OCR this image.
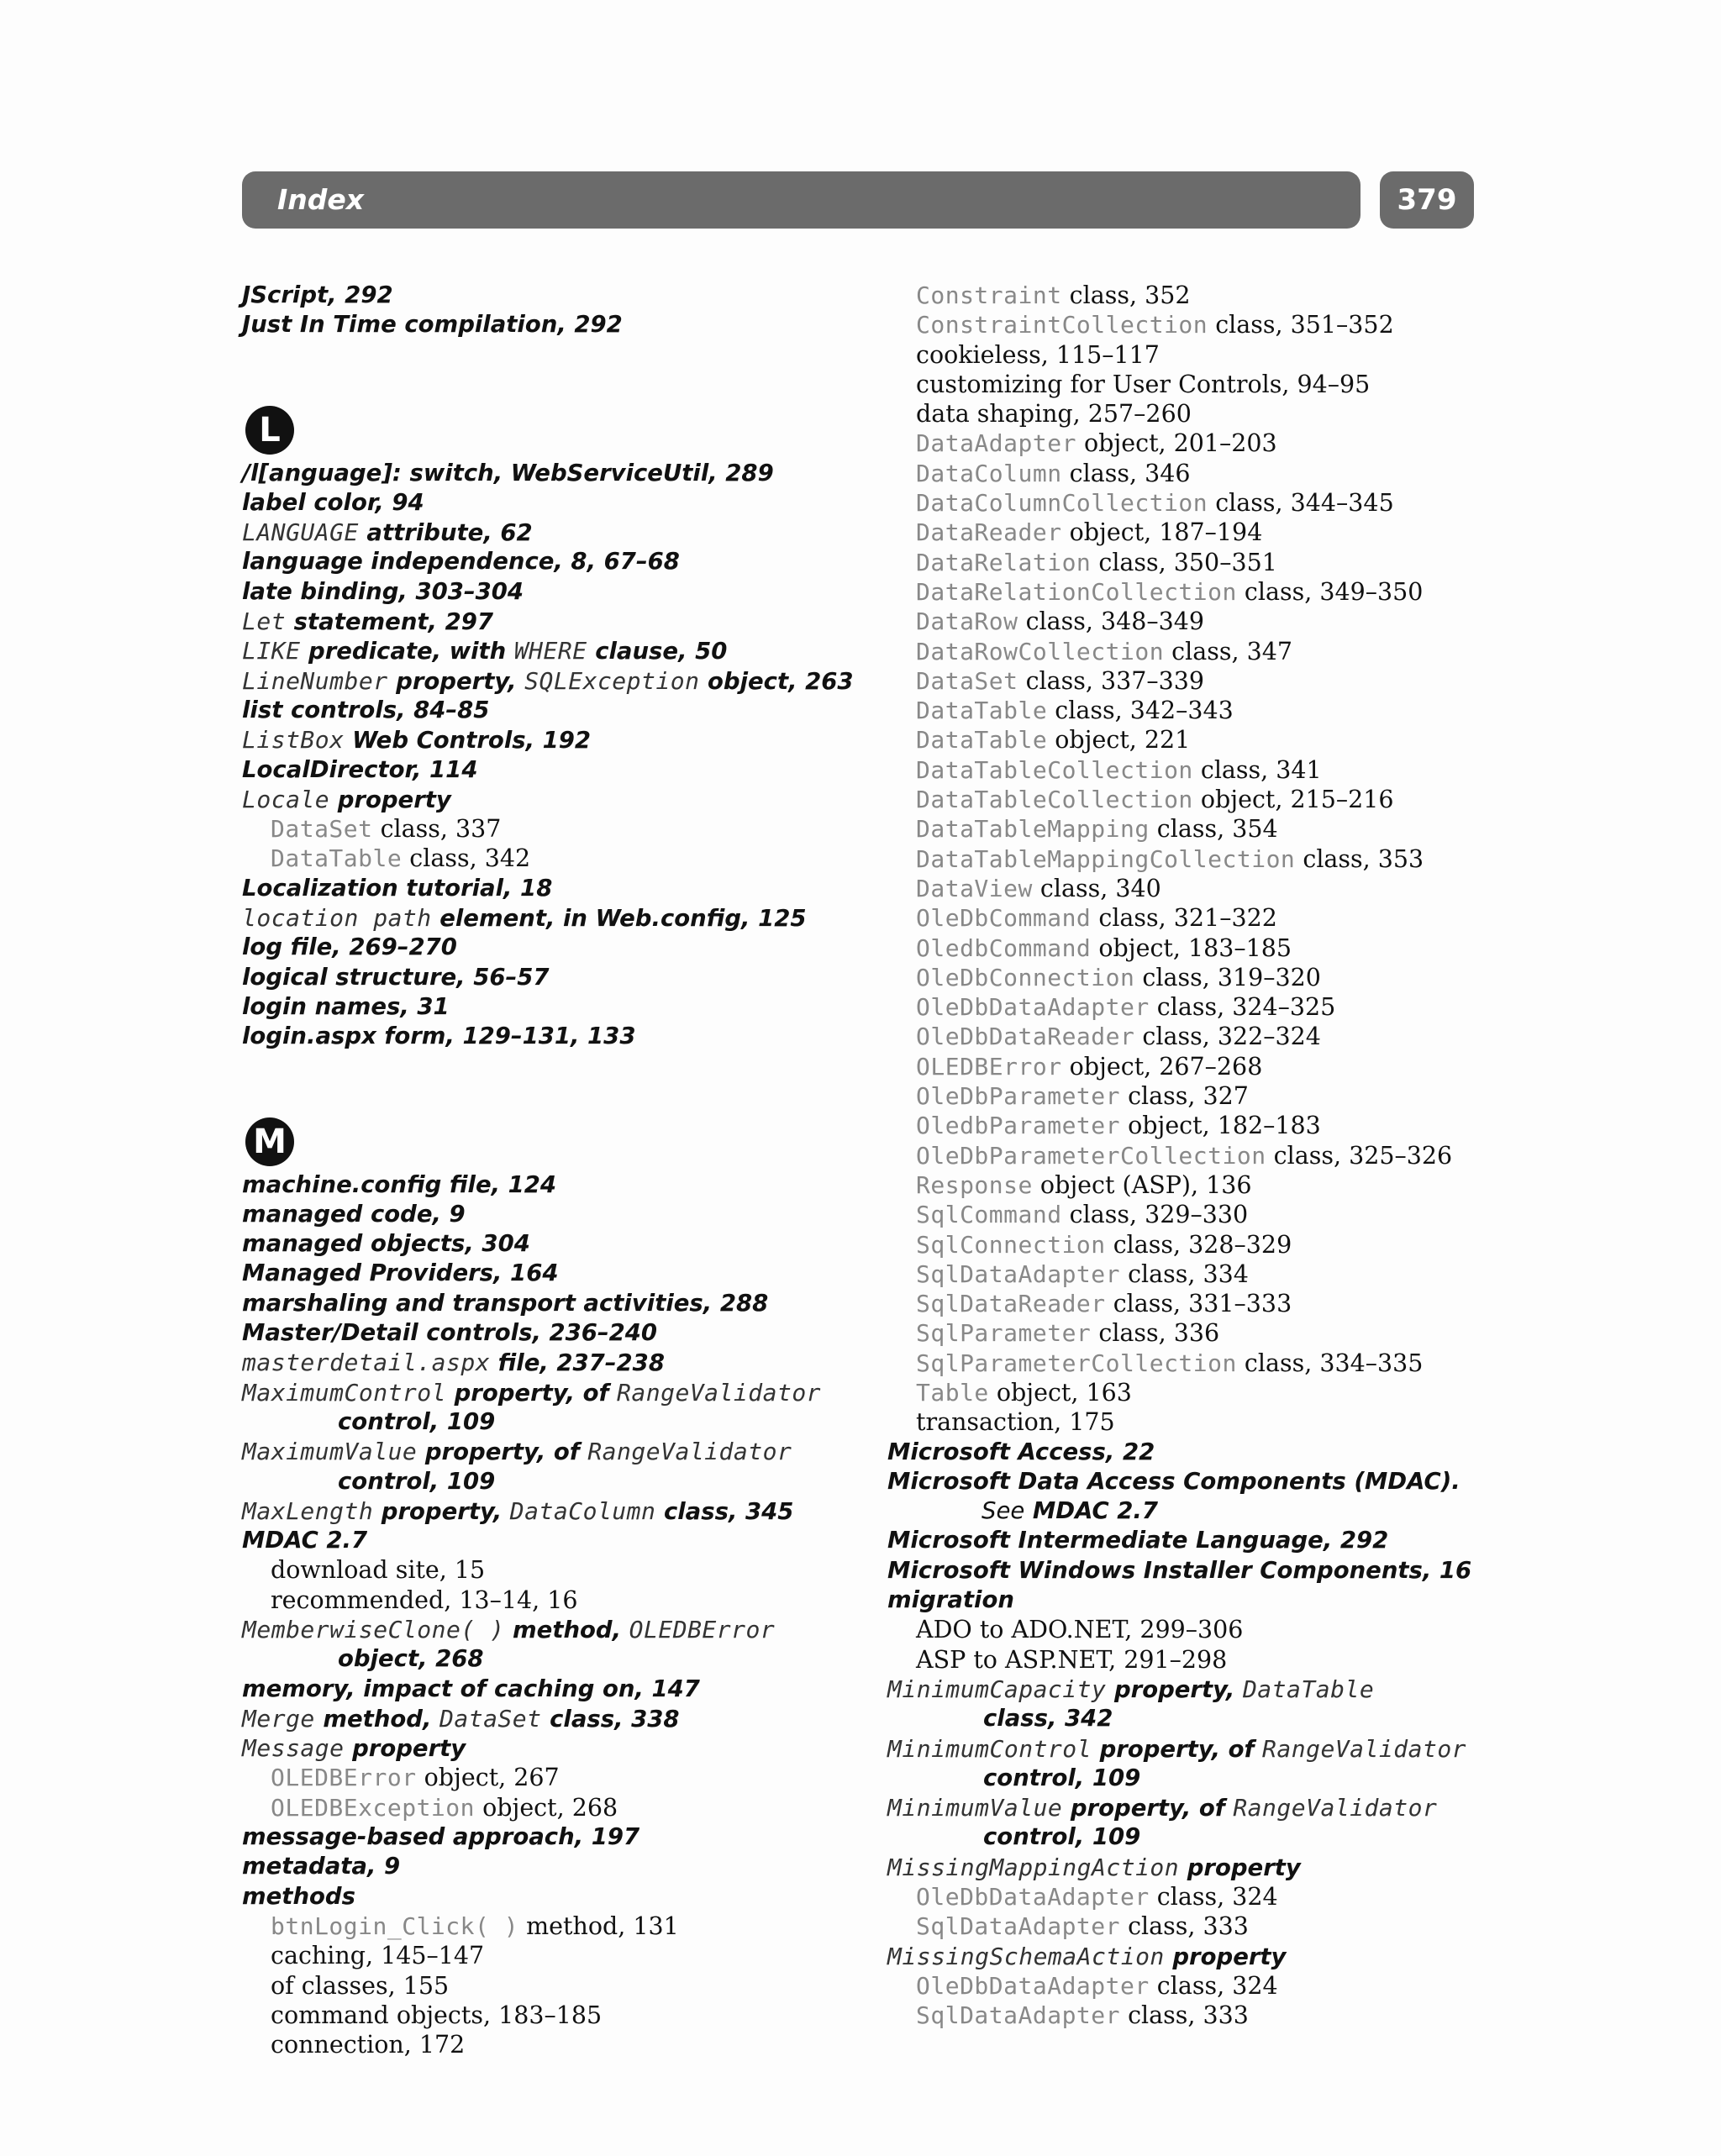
Index	379
JScript, 292
Just In Time compilation, 292
L
/l[anguage]: switch, WebServiceUtil, 289
label color, 94
LANGUAGE attribute, 62
language independence, 8, 67–68
late binding, 303–304
Let statement, 297
LIKE predicate, with WHERE clause, 50
LineNumber property, SQLException object, 263
list controls, 84–85
ListBox Web Controls, 192
LocalDirector, 114
Locale property
DataSet class, 337
DataTable class, 342
Localization tutorial, 18
location path element, in Web.config, 125
log file, 269–270
logical structure, 56–57
login names, 31
login.aspx form, 129–131, 133
M
machine.config file, 124
managed code, 9
managed objects, 304
Managed Providers, 164
marshaling and transport activities, 288
Master/Detail controls, 236–240
masterdetail.aspx file, 237–238
MaximumControl property, of RangeValidator
control, 109
MaximumValue property, of RangeValidator
control, 109
MaxLength property, DataColumn class, 345
MDAC 2.7
download site, 15
recommended, 13–14, 16
MemberwiseClone( ) method, OLEDBError
object, 268
memory, impact of caching on, 147
Merge method, DataSet class, 338
Message property
OLEDBError object, 267
OLEDBException object, 268
message-based approach, 197
metadata, 9
methods
btnLogin_Click( ) method, 131
caching, 145–147
of classes, 155
command objects, 183–185
connection, 172
Constraint class, 352
ConstraintCollection class, 351–352
cookieless, 115–117
customizing for User Controls, 94–95
data shaping, 257–260
DataAdapter object, 201–203
DataColumn class, 346
DataColumnCollection class, 344–345
DataReader object, 187–194
DataRelation class, 350–351
DataRelationCollection class, 349–350
DataRow class, 348–349
DataRowCollection class, 347
DataSet class, 337–339
DataTable class, 342–343
DataTable object, 221
DataTableCollection class, 341
DataTableCollection object, 215–216
DataTableMapping class, 354
DataTableMappingCollection class, 353
DataView class, 340
OleDbCommand class, 321–322
OledbCommand object, 183–185
OleDbConnection class, 319–320
OleDbDataAdapter class, 324–325
OleDbDataReader class, 322–324
OLEDBError object, 267–268
OleDbParameter class, 327
OledbParameter object, 182–183
OleDbParameterCollection class, 325–326
Response object (ASP), 136
SqlCommand class, 329–330
SqlConnection class, 328–329
SqlDataAdapter class, 334
SqlDataReader class, 331–333
SqlParameter class, 336
SqlParameterCollection class, 334–335
Table object, 163
transaction, 175
Microsoft Access, 22
Microsoft Data Access Components (MDAC).
See MDAC 2.7
Microsoft Intermediate Language, 292
Microsoft Windows Installer Components, 16
migration
ADO to ADO.NET, 299–306
ASP to ASP.NET, 291–298
MinimumCapacity property, DataTable
class, 342
MinimumControl property, of RangeValidator
control, 109
MinimumValue property, of RangeValidator
control, 109
MissingMappingAction property
OleDbDataAdapter class, 324
SqlDataAdapter class, 333
MissingSchemaAction property
OleDbDataAdapter class, 324
SqlDataAdapter class, 333
